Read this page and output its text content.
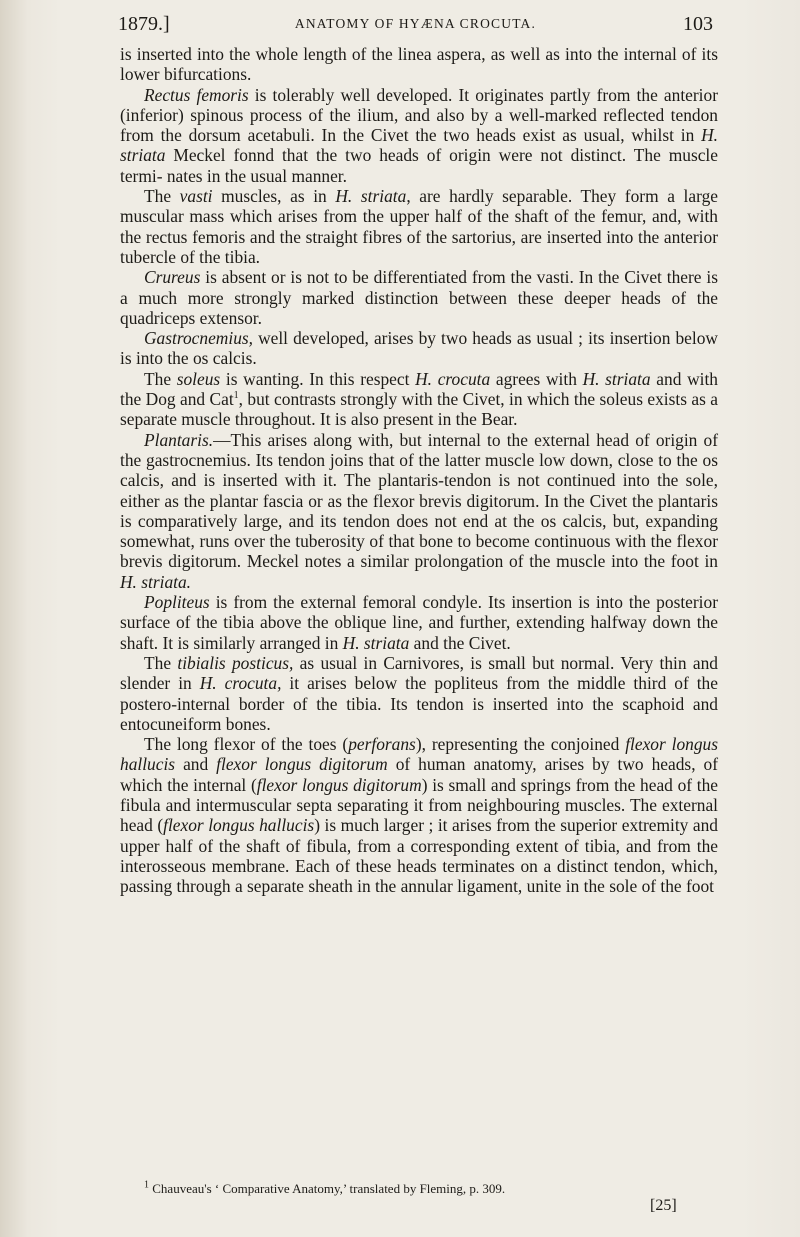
1879.]	ANATOMY OF HYÆNA CROCUTA.	103

is inserted into the whole length of the linea aspera, as well as into the internal of its lower bifurcations.

Rectus femoris is tolerably well developed. It originates partly from the anterior (inferior) spinous process of the ilium, and also by a well-marked reflected tendon from the dorsum acetabuli. In the Civet the two heads exist as usual, whilst in H. striata Meckel fonnd that the two heads of origin were not distinct. The muscle termi- nates in the usual manner.

The vasti muscles, as in H. striata, are hardly separable. They form a large muscular mass which arises from the upper half of the shaft of the femur, and, with the rectus femoris and the straight fibres of the sartorius, are inserted into the anterior tubercle of the tibia.

Crureus is absent or is not to be differentiated from the vasti. In the Civet there is a much more strongly marked distinction between these deeper heads of the quadriceps extensor.

Gastrocnemius, well developed, arises by two heads as usual ; its insertion below is into the os calcis.

The soleus is wanting. In this respect H. crocuta agrees with H. striata and with the Dog and Cat$^1$, but contrasts strongly with the Civet, in which the soleus exists as a separate muscle throughout. It is also present in the Bear.

Plantaris.—This arises along with, but internal to the external head of origin of the gastrocnemius. Its tendon joins that of the latter muscle low down, close to the os calcis, and is inserted with it. The plantaris-tendon is not continued into the sole, either as the plantar fascia or as the flexor brevis digitorum. In the Civet the plantaris is comparatively large, and its tendon does not end at the os calcis, but, expanding somewhat, runs over the tuberosity of that bone to become continuous with the flexor brevis digitorum. Meckel notes a similar prolongation of the muscle into the foot in H. striata.

Popliteus is from the external femoral condyle. Its insertion is into the posterior surface of the tibia above the oblique line, and further, extending halfway down the shaft. It is similarly arranged in H. striata and the Civet.

The tibialis posticus, as usual in Carnivores, is small but normal. Very thin and slender in H. crocuta, it arises below the popliteus from the middle third of the postero-internal border of the tibia. Its tendon is inserted into the scaphoid and entocuneiform bones.

The long flexor of the toes (perforans), representing the conjoined flexor longus hallucis and flexor longus digitorum of human anatomy, arises by two heads, of which the internal (flexor longus digitorum) is small and springs from the head of the fibula and intermuscular septa separating it from neighbouring muscles. The external head (flexor longus hallucis) is much larger ; it arises from the superior extremity and upper half of the shaft of fibula, from a corresponding extent of tibia, and from the interosseous membrane. Each of these heads terminates on a distinct tendon, which, passing through a separate sheath in the annular ligament, unite in the sole of the foot

$^1$ Chauveau's ‘ Comparative Anatomy,’ translated by Fleming, p. 309.
[25]
